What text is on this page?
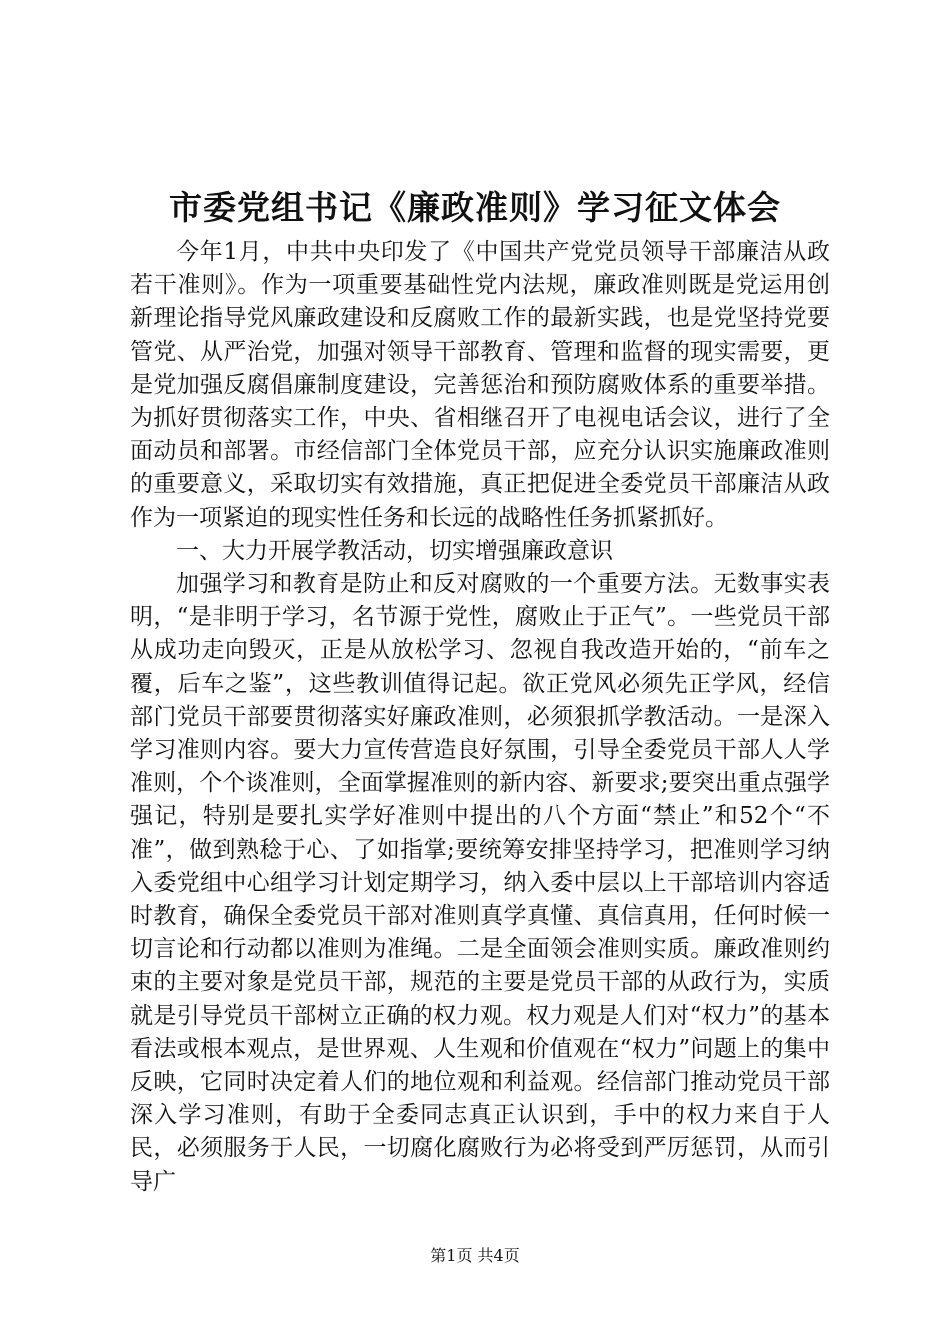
市委党组书记《廉政准则》学习征文体会

今年1月，中共中央印发了《中国共产党党员领导干部廉洁从政若干准则》。作为一项重要基础性党内法规，廉政准则既是党运用创新理论指导党风廉政建设和反腐败工作的最新实践，也是党坚持党要管党、从严治党，加强对领导干部教育、管理和监督的现实需要，更是党加强反腐倡廉制度建设，完善惩治和预防腐败体系的重要举措。为抓好贯彻落实工作，中央、省相继召开了电视电话会议，进行了全面动员和部署。市经信部门全体党员干部，应充分认识实施廉政准则的重要意义，采取切实有效措施，真正把促进全委党员干部廉洁从政作为一项紧迫的现实性任务和长远的战略性任务抓紧抓好。

一、大力开展学教活动，切实增强廉政意识

加强学习和教育是防止和反对腐败的一个重要方法。无数事实表明，“是非明于学习，名节源于党性，腐败止于正气”。一些党员干部从成功走向毁灭，正是从放松学习、忽视自我改造开始的，“前车之覆，后车之鉴”，这些教训值得记起。欲正党风必须先正学风，经信部门党员干部要贯彻落实好廉政准则，必须狠抓学教活动。一是深入学习准则内容。要大力宣传营造良好氛围，引导全委党员干部人人学准则，个个谈准则，全面掌握准则的新内容、新要求;要突出重点强学强记，特别是要扎实学好准则中提出的八个方面“禁止”和52个“不准”，做到熟稔于心、了如指掌;要统筹安排坚持学习，把准则学习纳入委党组中心组学习计划定期学习，纳入委中层以上干部培训内容适时教育，确保全委党员干部对准则真学真懂、真信真用，任何时候一切言论和行动都以准则为准绳。二是全面领会准则实质。廉政准则约束的主要对象是党员干部，规范的主要是党员干部的从政行为，实质就是引导党员干部树立正确的权力观。权力观是人们对“权力”的基本看法或根本观点，是世界观、人生观和价值观在“权力”问题上的集中反映，它同时决定着人们的地位观和利益观。经信部门推动党员干部深入学习准则，有助于全委同志真正认识到，手中的权力来自于人民，必须服务于人民，一切腐化腐败行为必将受到严厉惩罚，从而引导广

第1页 共4页
